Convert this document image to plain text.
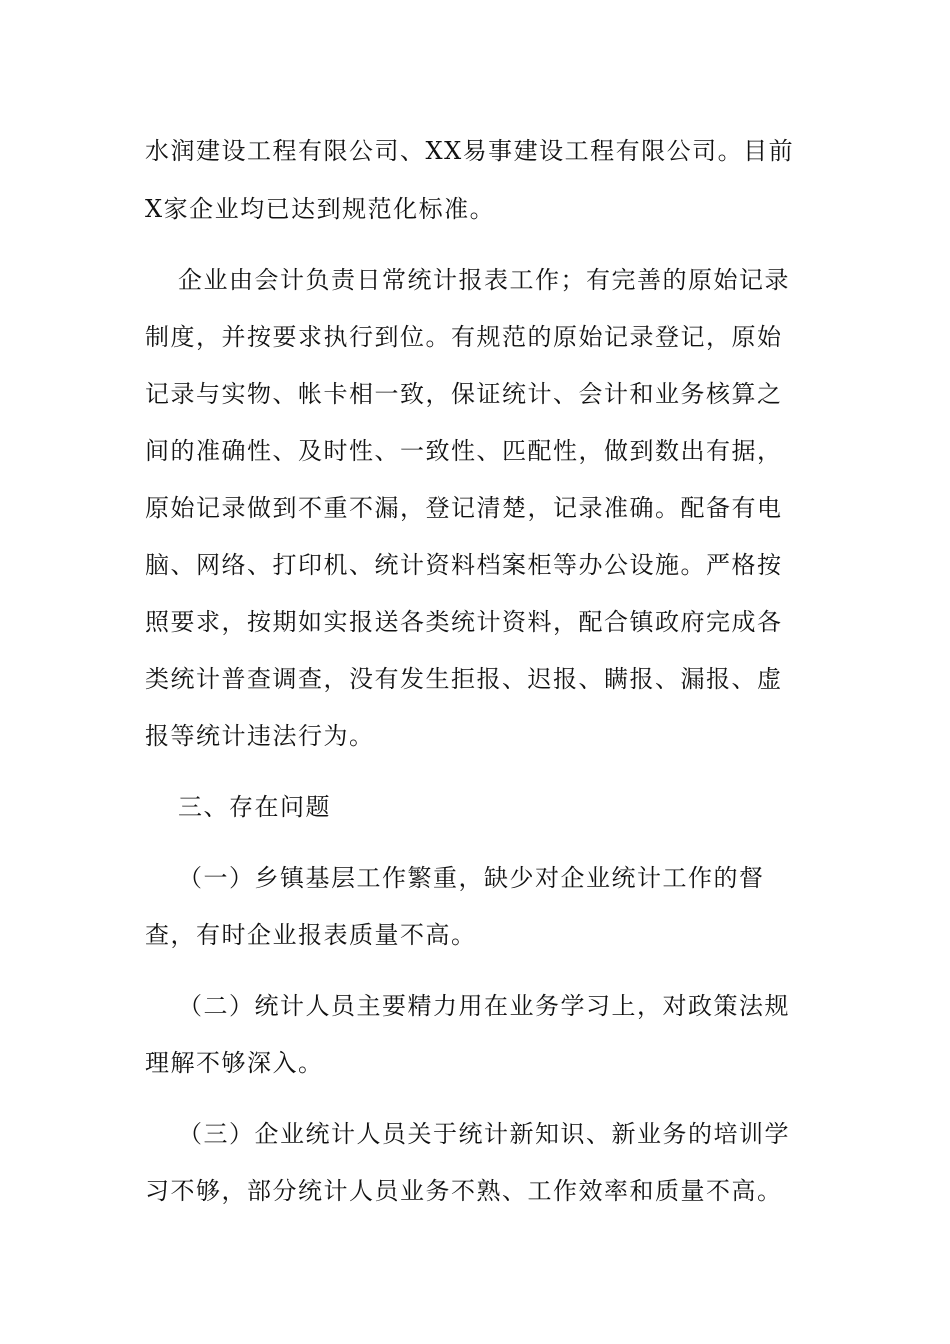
水润建设工程有限公司、XX易事建设工程有限公司。目前
X家企业均已达到规范化标准。
企业由会计负责日常统计报表工作；有完善的原始记录
制度，并按要求执行到位。有规范的原始记录登记，原始
记录与实物、帐卡相一致，保证统计、会计和业务核算之
间的准确性、及时性、一致性、匹配性，做到数出有据，
原始记录做到不重不漏，登记清楚，记录准确。配备有电
脑、网络、打印机、统计资料档案柜等办公设施。严格按
照要求，按期如实报送各类统计资料，配合镇政府完成各
类统计普查调查，没有发生拒报、迟报、瞒报、漏报、虚
报等统计违法行为。
三、存在问题
（一）乡镇基层工作繁重，缺少对企业统计工作的督
查，有时企业报表质量不高。
（二）统计人员主要精力用在业务学习上，对政策法规
理解不够深入。
（三）企业统计人员关于统计新知识、新业务的培训学
习不够，部分统计人员业务不熟、工作效率和质量不高。
